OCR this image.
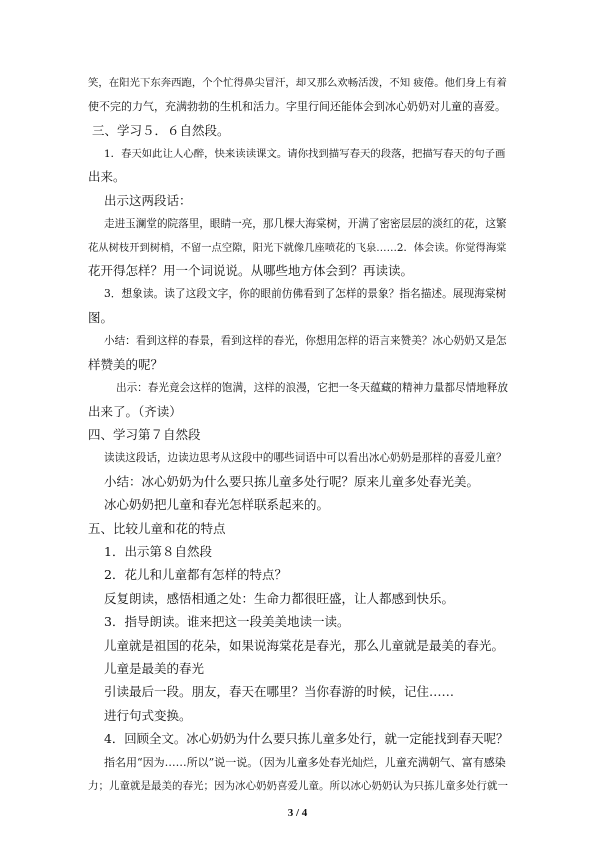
笑，在阳光下东奔西跑，个个忙得鼻尖冒汗，却又那么欢畅活泼，不知 疲倦。他们身上有着
使不完的力气，充满勃勃的生机和活力。字里行间还能体会到冰心奶奶对儿童的喜爱。
三、学习５．６自然段。
1．春天如此让人心醉，快来读读课文。请你找到描写春天的段落，把描写春天的句子画
出来。
出示这两段话：
走进玉澜堂的院落里，眼睛一亮，那几棵大海棠树，开满了密密层层的淡红的花，这繁
花从树枝开到树梢，不留一点空隙，阳光下就像几座喷花的飞泉……2．体会读。你觉得海棠
花开得怎样？用一个词说说。从哪些地方体会到？再读读。
3．想象读。读了这段文字，你的眼前仿佛看到了怎样的景象？指名描述。展现海棠树
图。
小结：看到这样的春景，看到这样的春光，你想用怎样的语言来赞美？冰心奶奶又是怎
样赞美的呢？
出示：春光竟会这样的饱满，这样的浪漫，它把一冬天蕴藏的精神力量都尽情地释放
出来了。（齐读）
四、学习第７自然段
读读这段话，边读边思考从这段中的哪些词语中可以看出冰心奶奶是那样的喜爱儿童？
小结：冰心奶奶为什么要只拣儿童多处行呢？原来儿童多处春光美。
冰心奶奶把儿童和春光怎样联系起来的。
五、比较儿童和花的特点
1．出示第８自然段
2．花儿和儿童都有怎样的特点？
反复朗读，感悟相通之处：生命力都很旺盛，让人都感到快乐。
3．指导朗读。谁来把这一段美美地读一读。
儿童就是祖国的花朵，如果说海棠花是春光，那么儿童就是最美的春光。
儿童是最美的春光
引读最后一段。朋友，春天在哪里？当你春游的时候，记住……
进行句式变换。
4．回顾全文。冰心奶奶为什么要只拣儿童多处行，就一定能找到春天呢？
指名用“因为……所以”说一说。（因为儿童多处春光灿烂，儿童充满朝气、富有感染
力；儿童就是最美的春光；因为冰心奶奶喜爱儿童。所以冰心奶奶认为只拣儿童多处行就一
3 / 4
